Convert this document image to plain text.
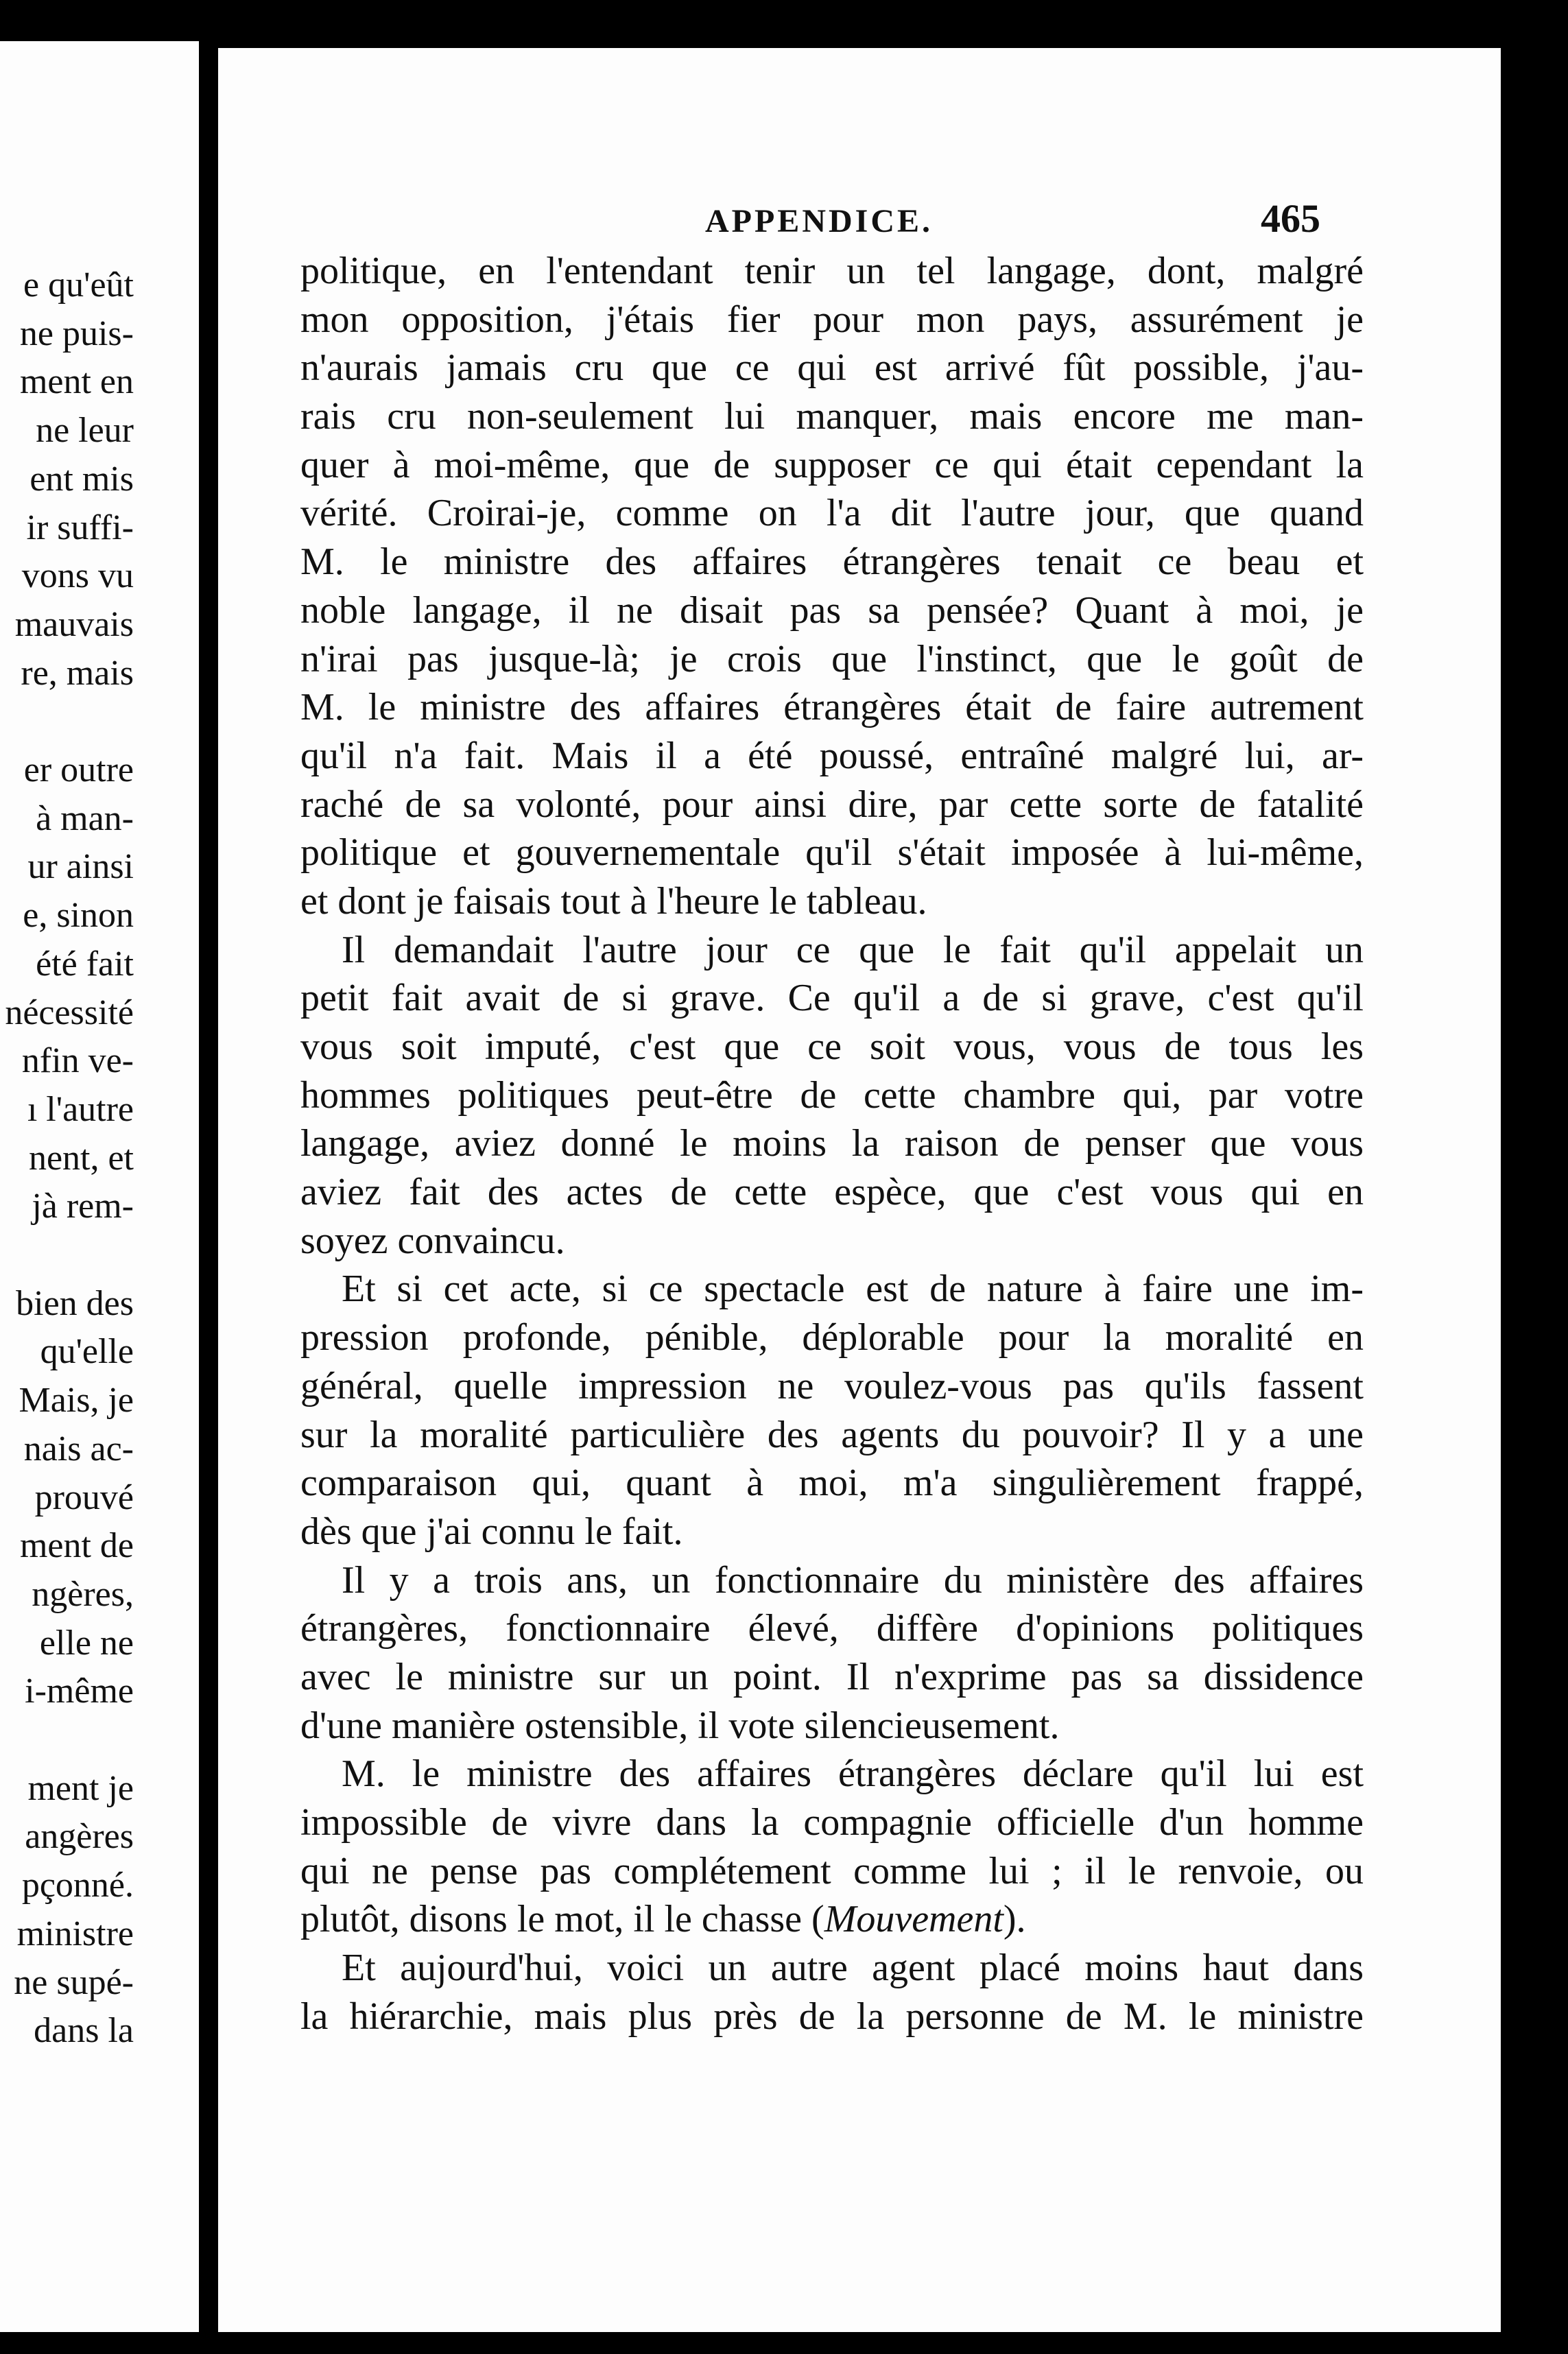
e qu'eût
ne puis-
ment en
ne leur
ent mis
ir suffi-
vons vu
mauvais
re, mais
er outre
à man-
ur ainsi
e, sinon
été fait
nécessité
nfin ve-
ı l'autre
nent, et
jà rem-
bien des
qu'elle
Mais, je
nais ac-
prouvé
ment de
ngères,
elle ne
i-même
ment je
angères
pçonné.
ministre
ne supé-
dans la
APPENDICE.	465
politique, en l'entendant tenir un tel langage, dont, malgré
mon opposition, j'étais fier pour mon pays, assurément je
n'aurais jamais cru que ce qui est arrivé fût possible, j'au-
rais cru non-seulement lui manquer, mais encore me man-
quer à moi-même, que de supposer ce qui était cependant la
vérité. Croirai-je, comme on l'a dit l'autre jour, que quand
M. le ministre des affaires étrangères tenait ce beau et
noble langage, il ne disait pas sa pensée? Quant à moi, je
n'irai pas jusque-là; je crois que l'instinct, que le goût de
M. le ministre des affaires étrangères était de faire autrement
qu'il n'a fait. Mais il a été poussé, entraîné malgré lui, ar-
raché de sa volonté, pour ainsi dire, par cette sorte de fatalité
politique et gouvernementale qu'il s'était imposée à lui-même,
et dont je faisais tout à l'heure le tableau.
Il demandait l'autre jour ce que le fait qu'il appelait un
petit fait avait de si grave. Ce qu'il a de si grave, c'est qu'il
vous soit imputé, c'est que ce soit vous, vous de tous les
hommes politiques peut-être de cette chambre qui, par votre
langage, aviez donné le moins la raison de penser que vous
aviez fait des actes de cette espèce, que c'est vous qui en
soyez convaincu.
Et si cet acte, si ce spectacle est de nature à faire une im-
pression profonde, pénible, déplorable pour la moralité en
général, quelle impression ne voulez-vous pas qu'ils fassent
sur la moralité particulière des agents du pouvoir? Il y a une
comparaison qui, quant à moi, m'a singulièrement frappé,
dès que j'ai connu le fait.
Il y a trois ans, un fonctionnaire du ministère des affaires
étrangères, fonctionnaire élevé, diffère d'opinions politiques
avec le ministre sur un point. Il n'exprime pas sa dissidence
d'une manière ostensible, il vote silencieusement.
M. le ministre des affaires étrangères déclare qu'il lui est
impossible de vivre dans la compagnie officielle d'un homme
qui ne pense pas complétement comme lui ; il le renvoie, ou
plutôt, disons le mot, il le chasse (Mouvement).
Et aujourd'hui, voici un autre agent placé moins haut dans
la hiérarchie, mais plus près de la personne de M. le ministre
